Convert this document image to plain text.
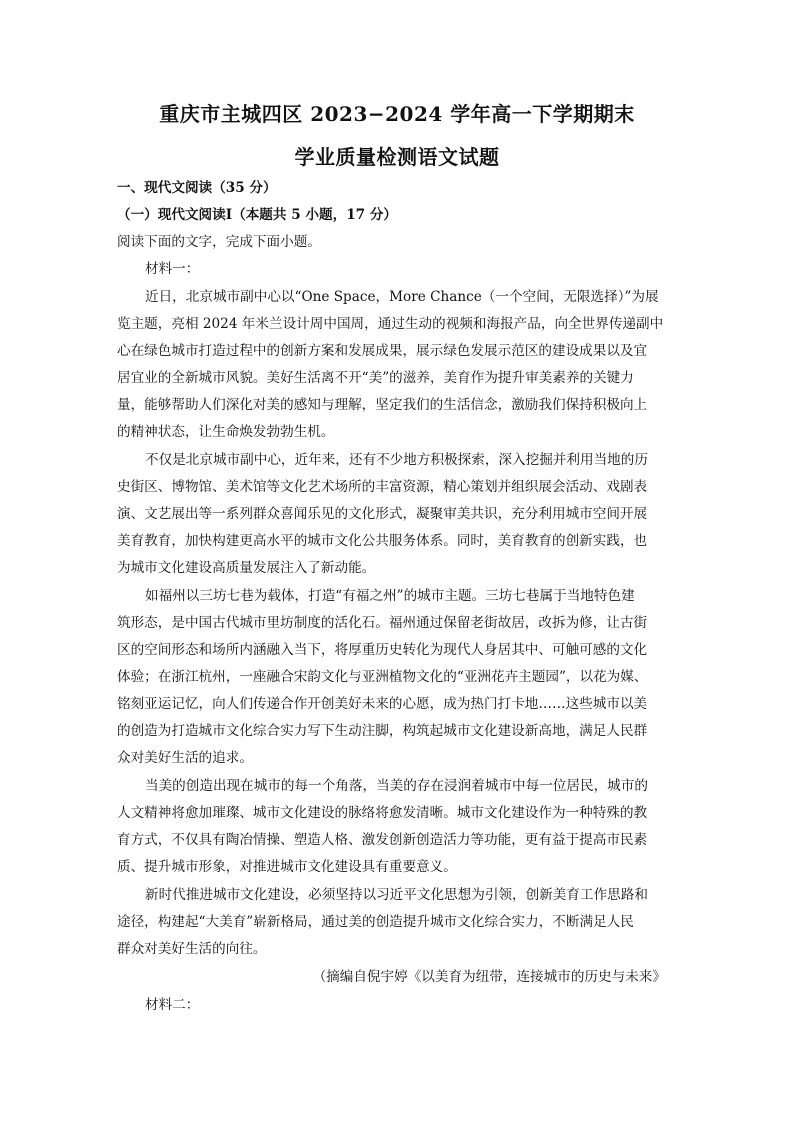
重庆市主城四区 2023−2024 学年高一下学期期末
学业质量检测语文试题
一、现代文阅读（35 分）
（一）现代文阅读Ⅰ（本题共 5 小题，17 分）
阅读下面的文字，完成下面小题。
材料一：
近日，北京城市副中心以“One Space，More Chance（一个空间，无限选择）”为展
览主题，亮相 2024 年米兰设计周中国周，通过生动的视频和海报产品，向全世界传递副中
心在绿色城市打造过程中的创新方案和发展成果，展示绿色发展示范区的建设成果以及宜
居宜业的全新城市风貌。美好生活离不开“美”的滋养，美育作为提升审美素养的关键力
量，能够帮助人们深化对美的感知与理解，坚定我们的生活信念，激励我们保持积极向上
的精神状态，让生命焕发勃勃生机。
不仅是北京城市副中心，近年来，还有不少地方积极探索，深入挖掘并利用当地的历
史街区、博物馆、美术馆等文化艺术场所的丰富资源，精心策划并组织展会活动、戏剧表
演、文艺展出等一系列群众喜闻乐见的文化形式，凝聚审美共识，充分利用城市空间开展
美育教育，加快构建更高水平的城市文化公共服务体系。同时，美育教育的创新实践，也
为城市文化建设高质量发展注入了新动能。
如福州以三坊七巷为载体，打造“有福之州”的城市主题。三坊七巷属于当地特色建
筑形态，是中国古代城市里坊制度的活化石。福州通过保留老街故居，改拆为修，让古街
区的空间形态和场所内涵融入当下，将厚重历史转化为现代人身居其中、可触可感的文化
体验；在浙江杭州，一座融合宋韵文化与亚洲植物文化的“亚洲花卉主题园”，以花为媒、
铭刻亚运记忆，向人们传递合作开创美好未来的心愿，成为热门打卡地……这些城市以美
的创造为打造城市文化综合实力写下生动注脚，构筑起城市文化建设新高地，满足人民群
众对美好生活的追求。
当美的创造出现在城市的每一个角落，当美的存在浸润着城市中每一位居民，城市的
人文精神将愈加璀璨、城市文化建设的脉络将愈发清晰。城市文化建设作为一种特殊的教
育方式，不仅具有陶冶情操、塑造人格、激发创新创造活力等功能，更有益于提高市民素
质、提升城市形象，对推进城市文化建设具有重要意义。
新时代推进城市文化建设，必须坚持以习近平文化思想为引领，创新美育工作思路和
途径，构建起“大美育”崭新格局，通过美的创造提升城市文化综合实力，不断满足人民
群众对美好生活的向往。
（摘编自倪宇婷《以美育为纽带，连接城市的历史与未来》
材料二：
